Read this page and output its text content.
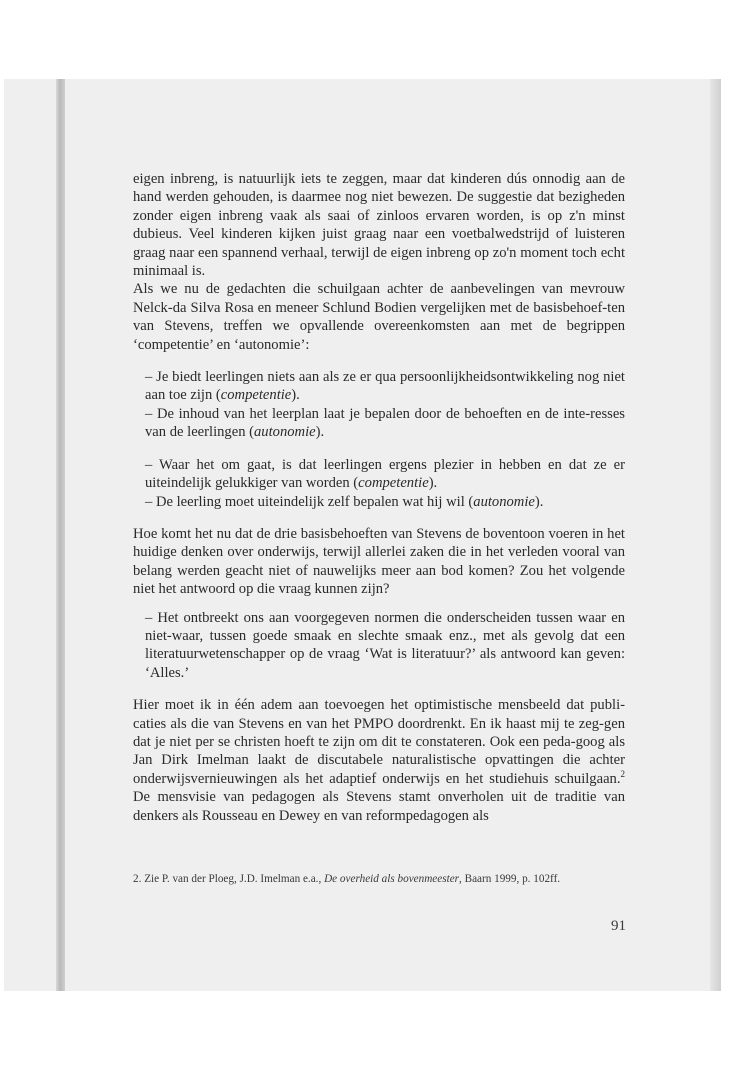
eigen inbreng, is natuurlijk iets te zeggen, maar dat kinderen dús onnodig aan de hand werden gehouden, is daarmee nog niet bewezen. De suggestie dat bezigheden zonder eigen inbreng vaak als saai of zinloos ervaren worden, is op z'n minst dubieus. Veel kinderen kijken juist graag naar een voetbalwedstrijd of luisteren graag naar een spannend verhaal, terwijl de eigen inbreng op zo'n moment toch echt minimaal is.

Als we nu de gedachten die schuilgaan achter de aanbevelingen van mevrouw Nelck-da Silva Rosa en meneer Schlund Bodien vergelijken met de basisbehoef-ten van Stevens, treffen we opvallende overeenkomsten aan met de begrippen ‘competentie’ en ‘autonomie’:

– Je biedt leerlingen niets aan als ze er qua persoonlijkheidsontwikkeling nog niet aan toe zijn (competentie).

– De inhoud van het leerplan laat je bepalen door de behoeften en de inte-resses van de leerlingen (autonomie).

– Waar het om gaat, is dat leerlingen ergens plezier in hebben en dat ze er uiteindelijk gelukkiger van worden (competentie).

– De leerling moet uiteindelijk zelf bepalen wat hij wil (autonomie).

Hoe komt het nu dat de drie basisbehoeften van Stevens de boventoon voeren in het huidige denken over onderwijs, terwijl allerlei zaken die in het verleden vooral van belang werden geacht niet of nauwelijks meer aan bod komen? Zou het volgende niet het antwoord op die vraag kunnen zijn?

– Het ontbreekt ons aan voorgegeven normen die onderscheiden tussen waar en niet-waar, tussen goede smaak en slechte smaak enz., met als gevolg dat een literatuurwetenschapper op de vraag ‘Wat is literatuur?’ als antwoord kan geven: ‘Alles.’

Hier moet ik in één adem aan toevoegen het optimistische mensbeeld dat publi-caties als die van Stevens en van het PMPO doordrenkt. En ik haast mij te zeg-gen dat je niet per se christen hoeft te zijn om dit te constateren. Ook een peda-goog als Jan Dirk Imelman laakt de discutabele naturalistische opvattingen die achter onderwijsvernieuwingen als het adaptief onderwijs en het studiehuis schuilgaan.$^2$ De mensvisie van pedagogen als Stevens stamt onverholen uit de traditie van denkers als Rousseau en Dewey en van reformpedagogen als

2. Zie P. van der Ploeg, J.D. Imelman e.a., De overheid als bovenmeester, Baarn 1999, p. 102ff.
91
